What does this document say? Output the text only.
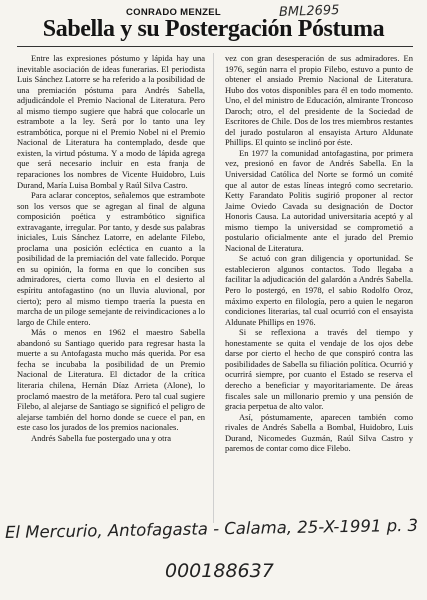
CONRADO MENZEL	BML2695
Sabella y su Postergación Póstuma

Entre las expresiones póstumo y lápida hay una inevitable asociación de ideas funerarias. El periodista Luis Sánchez Latorre se ha referido a la posibilidad de una premiación póstuma para Andrés Sabella, adjudicándole el Premio Nacional de Literatura. Pero al mismo tiempo sugiere que habrá que colocarle un estrambote a la ley. Será por lo tanto una ley estrambótica, porque ni el Premio Nobel ni el Premio Nacional de Literatura ha contemplado, desde que existen, la virtud póstuma. Y a modo de lápida agrega que será necesario incluir en esta franja de reparaciones los nombres de Vicente Huidobro, Luis Durand, María Luisa Bombal y Raúl Silva Castro.

Para aclarar conceptos, señalemos que estrambote son los versos que se agregan al final de alguna composición poética y estrambótico significa extravagante, irregular. Por tanto, y desde sus palabras iniciales, Luis Sánchez Latorre, en adelante Filebo, proclama una posición ecléctica en cuanto a la posibilidad de la premiación del vate fallecido. Porque en su opinión, la forma en que lo conciben sus admiradores, cierta como lluvia en el desierto al espíritu antofagastino (no un lluvia aluvional, por cierto); pero al mismo tiempo traería la puesta en marcha de un piloge semejante de reivindicaciones a lo largo de Chile entero.

Más o menos en 1962 el maestro Sabella abandonó su Santiago querido para regresar hasta la muerte a su Antofagasta mucho más querida. Por esa fecha se incubaba la posibilidad de un Premio Nacional de Literatura. El dictador de la crítica literaria chilena, Hernán Díaz Arrieta (Alone), lo proclamó maestro de la metáfora. Pero tal cual sugiere Filebo, al alejarse de Santiago se significó el peligro de alejarse también del horno donde se cuece el pan, en este caso los jurados de los premios nacionales.

Andrés Sabella fue postergado una y otra

vez con gran desesperación de sus admiradores. En 1976, según narra el propio Filebo, estuvo a punto de obtener el ansiado Premio Nacional de Literatura. Hubo dos votos disponibles para él en todo momento. Uno, el del ministro de Educación, almirante Troncoso Daroch; otro, el del presidente de la Sociedad de Escritores de Chile. Dos de los tres miembros restantes del jurado postularon al ensayista Arturo Aldunate Phillips. El quinto se inclinó por éste.

En 1977 la comunidad antofagastina, por primera vez, presionó en favor de Andrés Sabella. En la Universidad Católica del Norte se formó un comité que al autor de estas líneas integró como secretario. Ketty Farandato Politis sugirió proponer al rector Jaime Oviedo Cavada su designación de Doctor Honoris Causa. La autoridad universitaria aceptó y al mismo tiempo la universidad se comprometió a postulario oficialmente ante el jurado del Premio Nacional de Literatura.

Se actuó con gran diligencia y oportunidad. Se establecieron algunos contactos. Todo llegaba a facilitar la adjudicación del galardón a Andrés Sabella. Pero lo postergó, en 1978, el sabio Rodolfo Oroz, máximo experto en filología, pero a quien le negaron condiciones literarias, tal cual ocurrió con el ensayista Aldunate Phillips en 1976.

Si se reflexiona a través del tiempo y honestamente se quita el vendaje de los ojos debe darse por cierto el hecho de que conspiró contra las posibilidades de Sabella su filiación política. Ocurrió y ocurrirá siempre, por cuanto el Estado se reserva el derecho a beneficiar y mayoritariamente. De áreas fiscales sale un millonario premio y una pensión de gracia perpetua de alto valor.

Así, póstumamente, aparecen también como rivales de Andrés Sabella a Bombal, Huidobro, Luis Durand, Nicomedes Guzmán, Raúl Silva Castro y paremos de contar como dice Filebo.

El Mercurio, Antofagasta - Calama, 25-X-1991 p. 3
000188637
